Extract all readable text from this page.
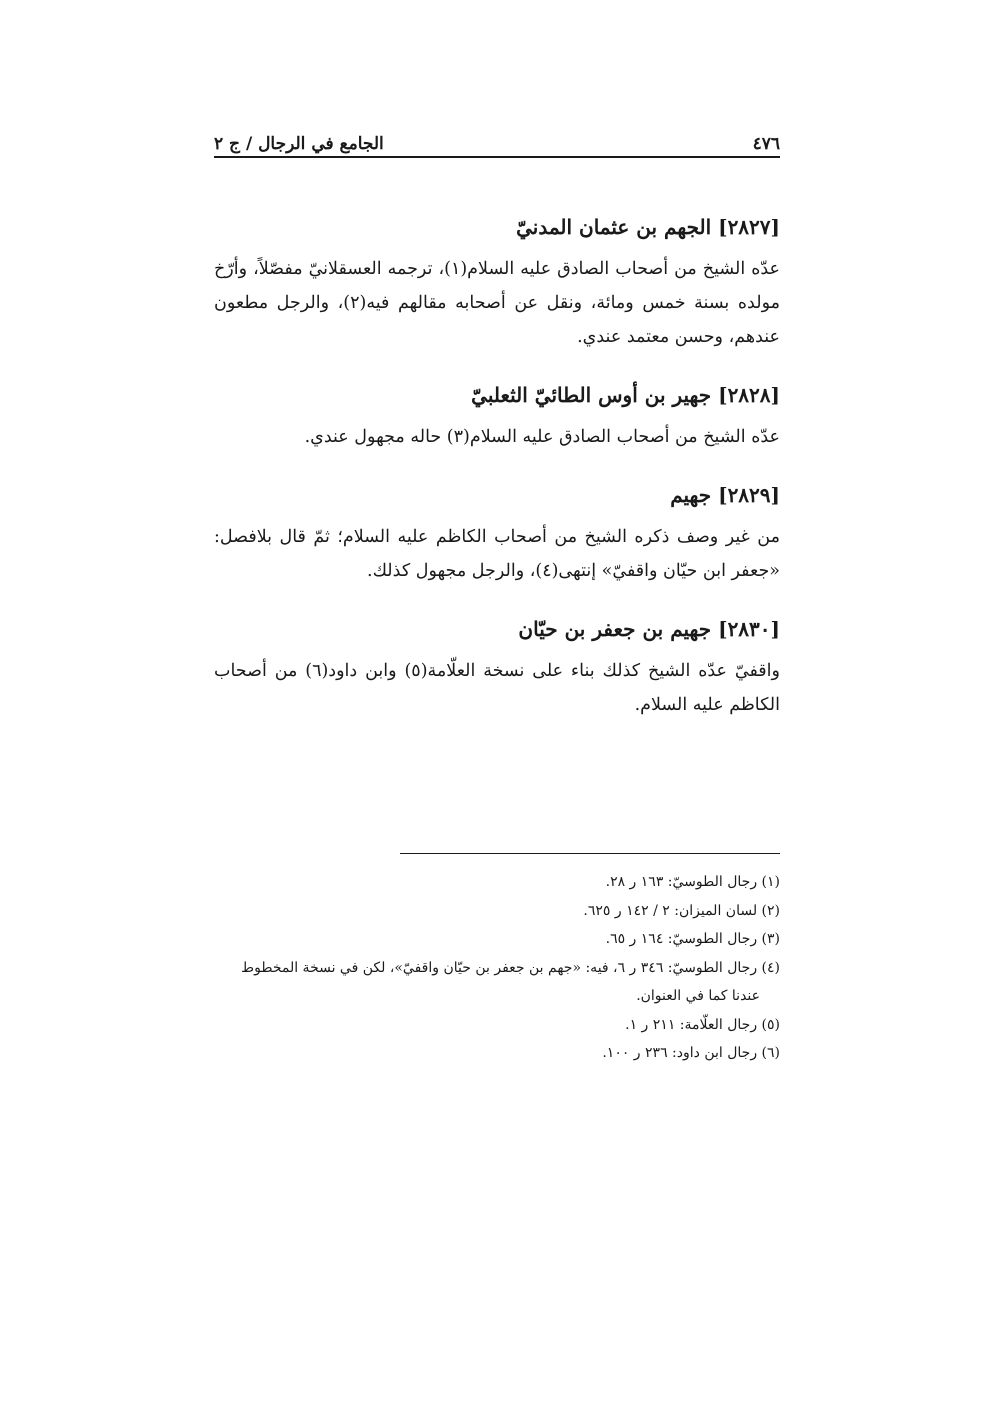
٤٧٦
الجامع في الرجال / ج ٢
[٢٨٢٧] الجهم بن عثمان المدنيّ

عدّه الشيخ من أصحاب الصادق عليه السلام(١)، ترجمه العسقلانيّ مفصّلاً، وأرّخ مولده بسنة خمس ومائة، ونقل عن أصحابه مقالهم فيه(٢)، والرجل مطعون عندهم، وحسن معتمد عندي.

[٢٨٢٨] جهير بن أوس الطائيّ الثعلبيّ

عدّه الشيخ من أصحاب الصادق عليه السلام(٣) حاله مجهول عندي.

[٢٨٢٩] جهيم

من غير وصف ذكره الشيخ من أصحاب الكاظم عليه السلام؛ ثمّ قال بلافصل: «جعفر ابن حيّان واقفيّ» إنتهى(٤)، والرجل مجهول كذلك.

[٢٨٣٠] جهيم بن جعفر بن حيّان

واقفيّ عدّه الشيخ كذلك بناء على نسخة العلّامة(٥) وابن داود(٦) من أصحاب الكاظم عليه السلام.

(١) رجال الطوسيّ: ١٦٣ ر ٢٨.
(٢) لسان الميزان: ٢ / ١٤٢ ر ٦٢٥.
(٣) رجال الطوسيّ: ١٦٤ ر ٦٥.
(٤) رجال الطوسيّ: ٣٤٦ ر ٦، فيه: «جهم بن جعفر بن حيّان واقفيّ»، لكن في نسخة المخطوط
عندنا كما في العنوان.
(٥) رجال العلّامة: ٢١١ ر ١.
(٦) رجال ابن داود: ٢٣٦ ر ١٠٠.
